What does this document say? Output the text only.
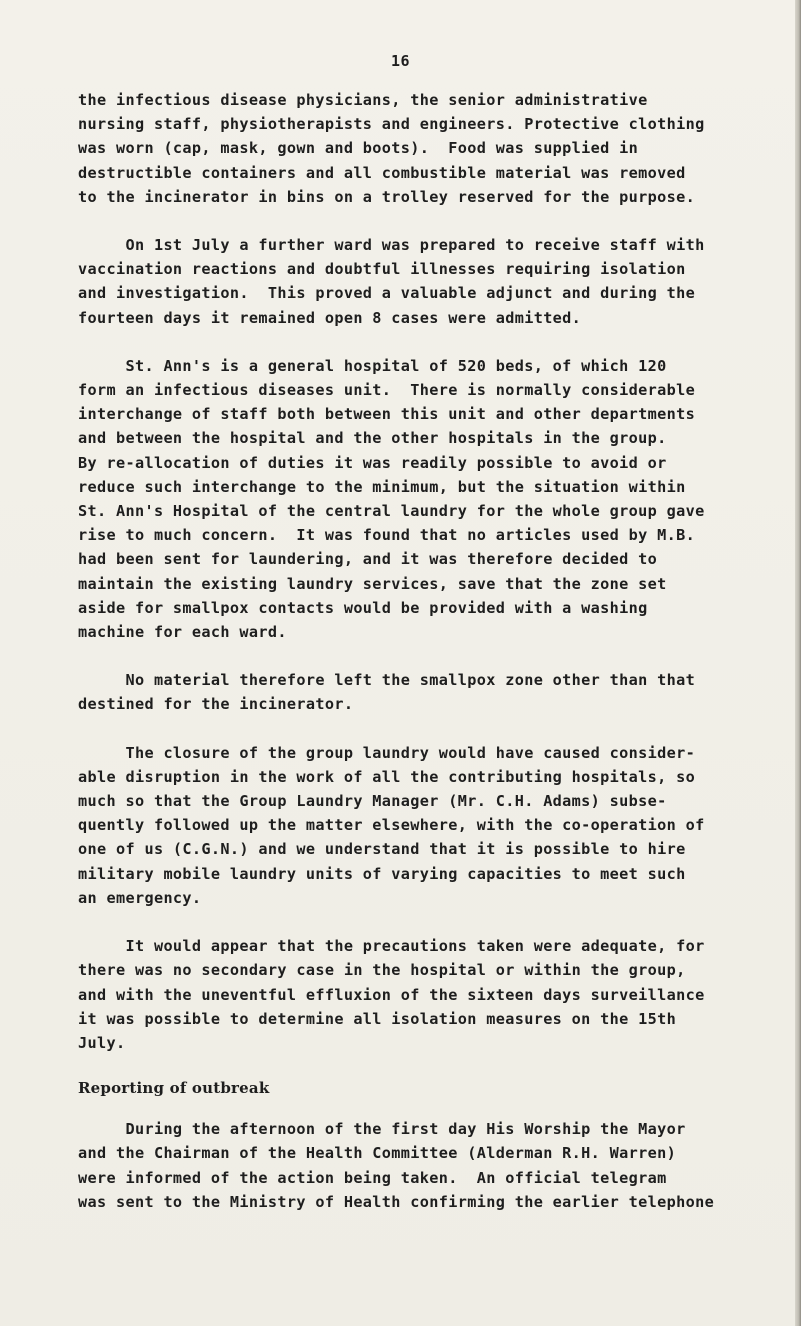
16

the infectious disease physicians, the senior administrative
nursing staff, physiotherapists and engineers. Protective clothing
was worn (cap, mask, gown and boots).  Food was supplied in
destructible containers and all combustible material was removed
to the incinerator in bins on a trolley reserved for the purpose.

On 1st July a further ward was prepared to receive staff with
vaccination reactions and doubtful illnesses requiring isolation
and investigation.  This proved a valuable adjunct and during the
fourteen days it remained open 8 cases were admitted.

St. Ann's is a general hospital of 520 beds, of which 120
form an infectious diseases unit.  There is normally considerable
interchange of staff both between this unit and other departments
and between the hospital and the other hospitals in the group.
By re-allocation of duties it was readily possible to avoid or
reduce such interchange to the minimum, but the situation within
St. Ann's Hospital of the central laundry for the whole group gave
rise to much concern.  It was found that no articles used by M.B.
had been sent for laundering, and it was therefore decided to
maintain the existing laundry services, save that the zone set
aside for smallpox contacts would be provided with a washing
machine for each ward.

No material therefore left the smallpox zone other than that
destined for the incinerator.

The closure of the group laundry would have caused consider-
able disruption in the work of all the contributing hospitals, so
much so that the Group Laundry Manager (Mr. C.H. Adams) subse-
quently followed up the matter elsewhere, with the co-operation of
one of us (C.G.N.) and we understand that it is possible to hire
military mobile laundry units of varying capacities to meet such
an emergency.

It would appear that the precautions taken were adequate, for
there was no secondary case in the hospital or within the group,
and with the uneventful effluxion of the sixteen days surveillance
it was possible to determine all isolation measures on the 15th
July.

Reporting of outbreak

During the afternoon of the first day His Worship the Mayor
and the Chairman of the Health Committee (Alderman R.H. Warren)
were informed of the action being taken.  An official telegram
was sent to the Ministry of Health confirming the earlier telephone
